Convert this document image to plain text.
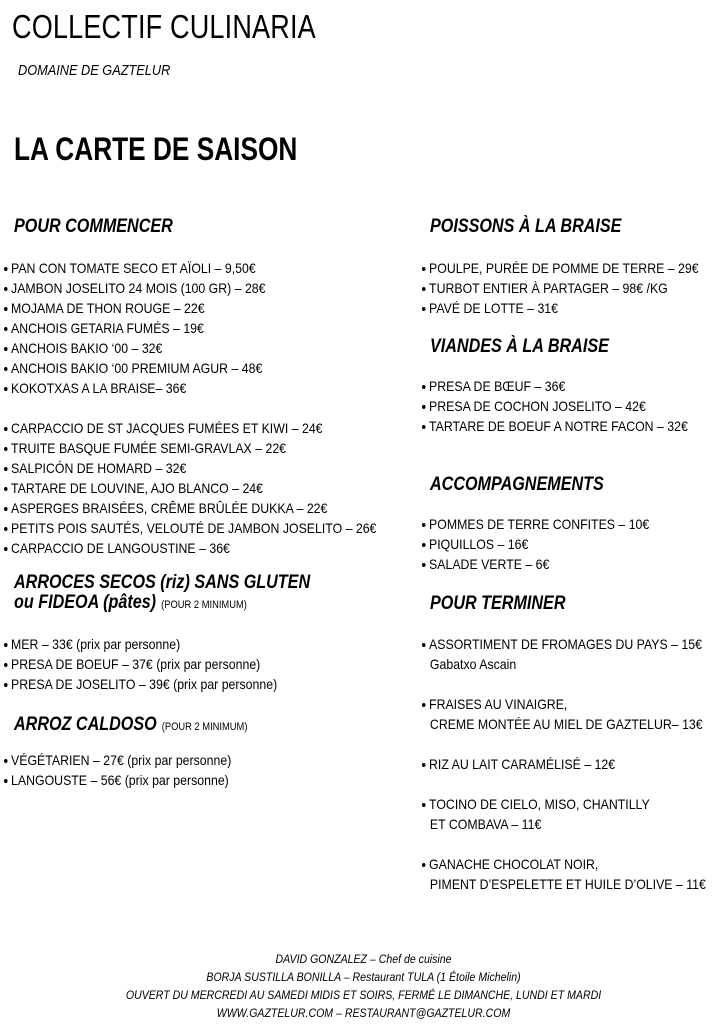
COLLECTIF CULINARIA
DOMAINE DE GAZTELUR
LA CARTE DE SAISON
POUR COMMENCER
PAN CON TOMATE SECO ET AÏOLI – 9,50€
JAMBON JOSELITO 24 MOIS (100 GR) – 28€
MOJAMA DE THON ROUGE – 22€
ANCHOIS GETARIA FUMÉS – 19€
ANCHOIS BAKIO ‘00 – 32€
ANCHOIS BAKIO ‘00 PREMIUM AGUR – 48€
KOKOTXAS A LA BRAISE– 36€
CARPACCIO DE ST JACQUES FUMÉES ET KIWI – 24€
TRUITE BASQUE FUMÉE SEMI-GRAVLAX – 22€
SALPICÓN DE HOMARD – 32€
TARTARE DE LOUVINE, AJO BLANCO – 24€
ASPERGES BRAISÉES, CRÊME BRÛLÉE DUKKA – 22€
PETITS POIS SAUTÉS, VELOUTÉ DE JAMBON JOSELITO – 26€
CARPACCIO DE LANGOUSTINE – 36€
ARROCES SECOS (riz) SANS GLUTEN
ou FIDEOA (pâtes) (POUR 2 MINIMUM)
MER – 33€ (prix par personne)
PRESA DE BOEUF – 37€ (prix par personne)
PRESA DE JOSELITO – 39€ (prix par personne)
ARROZ CALDOSO (POUR 2 MINIMUM)
VÉGÉTARIEN – 27€ (prix par personne)
LANGOUSTE – 56€ (prix par personne)
POISSONS À LA BRAISE
POULPE, PURÉE DE POMME DE TERRE – 29€
TURBOT ENTIER À PARTAGER – 98€ /KG
PAVÉ DE LOTTE – 31€
VIANDES À LA BRAISE
PRESA DE BŒUF – 36€
PRESA DE COCHON JOSELITO – 42€
TARTARE DE BOEUF A NOTRE FACON – 32€
ACCOMPAGNEMENTS
POMMES DE TERRE CONFITES – 10€
PIQUILLOS – 16€
SALADE VERTE – 6€
POUR TERMINER
ASSORTIMENT DE FROMAGES DU PAYS – 15€
Gabatxo Ascain
FRAISES AU VINAIGRE,
CREME MONTÉE AU MIEL DE GAZTELUR– 13€
RIZ AU LAIT CARAMÉLISÉ – 12€
TOCINO DE CIELO, MISO, CHANTILLY
ET COMBAVA – 11€
GANACHE CHOCOLAT NOIR,
PIMENT D’ESPELETTE ET HUILE D’OLIVE – 11€
DAVID GONZALEZ – Chef de cuisine
BORJA SUSTILLA BONILLA – Restaurant TULA (1 Étoile Michelin)
OUVERT DU MERCREDI AU SAMEDI MIDIS ET SOIRS, FERMÉ LE DIMANCHE, LUNDI ET MARDI
WWW.GAZTELUR.COM – RESTAURANT@GAZTELUR.COM
